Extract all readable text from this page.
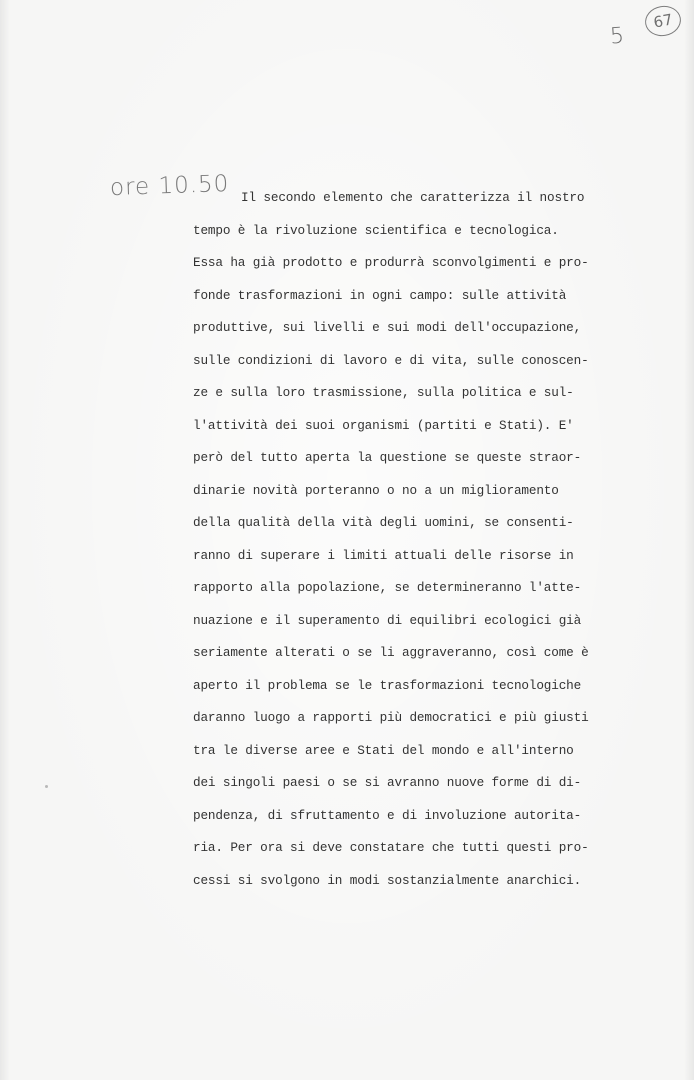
5
67
ore 10.50 Il secondo elemento che caratterizza il nostro
tempo è la rivoluzione scientifica e tecnologica.
Essa ha già prodotto e produrrà sconvolgimenti e pro-
fonde trasformazioni in ogni campo: sulle attività
produttive, sui livelli e sui modi dell'occupazione,
sulle condizioni di lavoro e di vita, sulle conoscen-
ze e sulla loro trasmissione, sulla politica e sul-
l'attività dei suoi organismi (partiti e Stati). E'
però del tutto aperta la questione se queste straor-
dinarie novità porteranno o no a un miglioramento
della qualità della vità degli uomini, se consenti-
ranno di superare i limiti attuali delle risorse in
rapporto alla popolazione, se determineranno l'atte-
nuazione e il superamento di equilibri ecologici già
seriamente alterati o se li aggraveranno, così come è
aperto il problema se le trasformazioni tecnologiche
daranno luogo a rapporti più democratici e più giusti
tra le diverse aree e Stati del mondo e all'interno
dei singoli paesi o se si avranno nuove forme di di-
pendenza, di sfruttamento e di involuzione autorita-
ria. Per ora si deve constatare che tutti questi pro-
cessi si svolgono in modi sostanzialmente anarchici.
